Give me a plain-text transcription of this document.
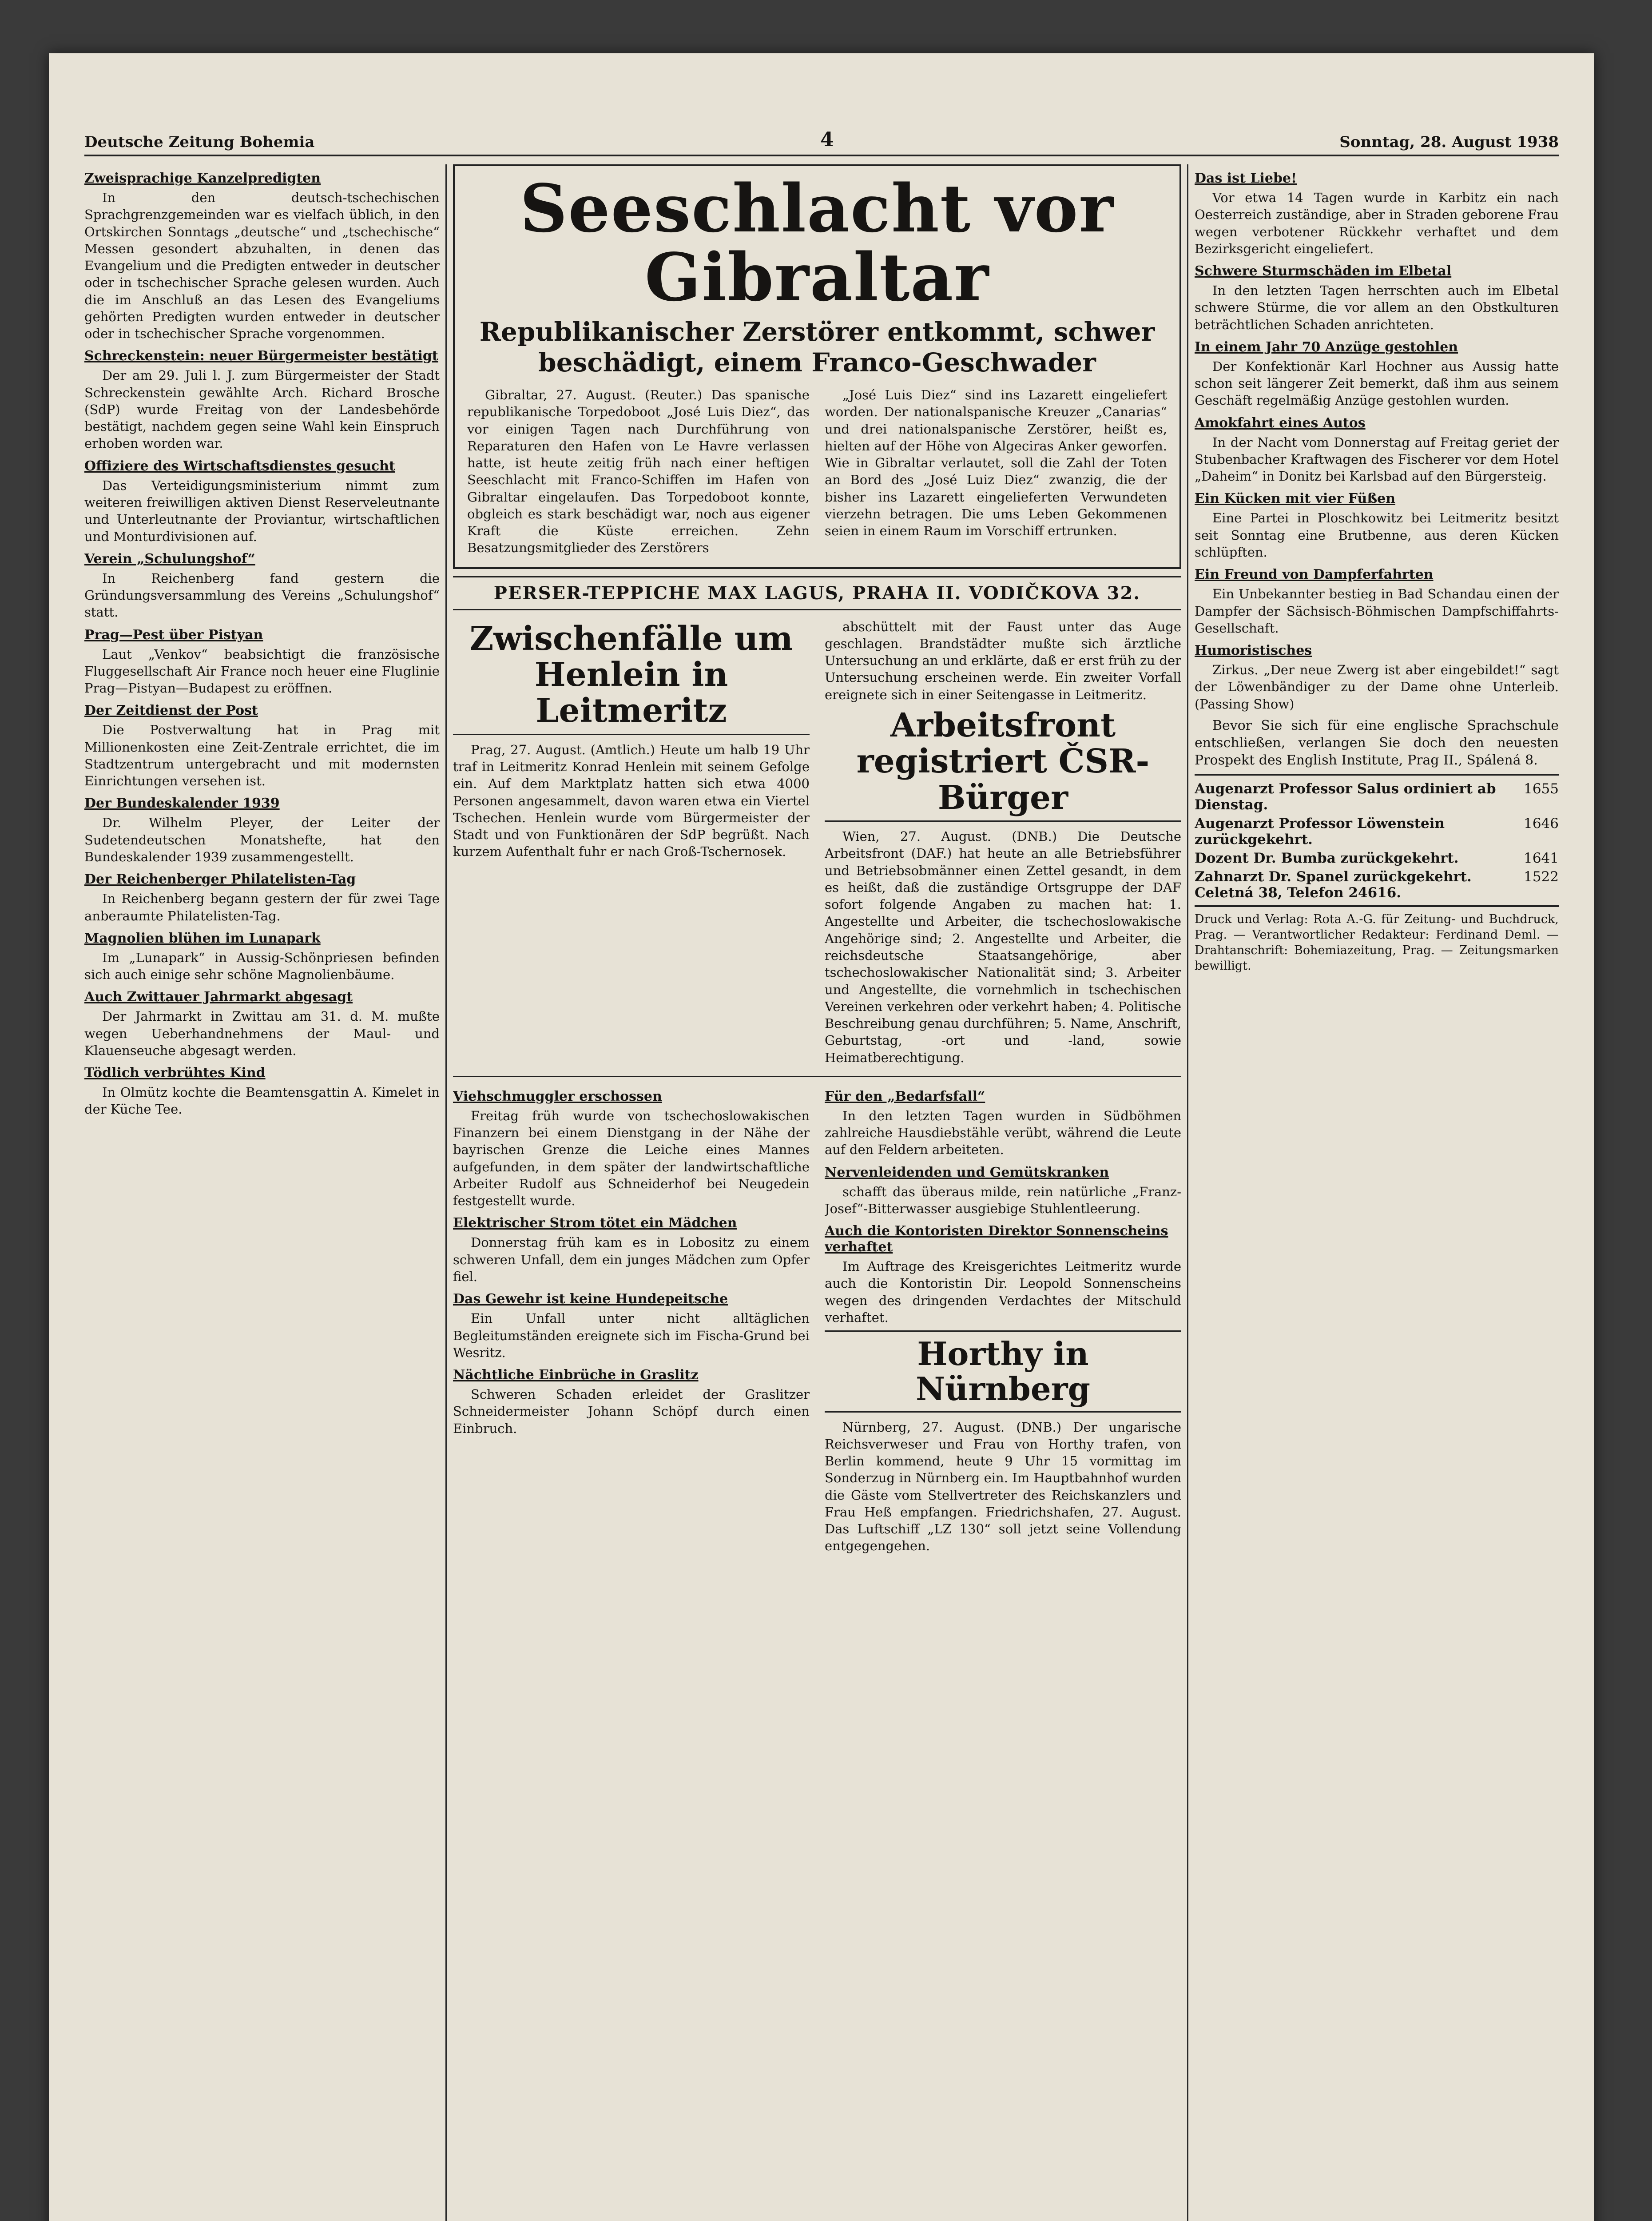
Deutsche Zeitung Bohemia	4	Sonntag, 28. August 1938
Zweisprachige Kanzelpredigten

In den deutsch-tschechischen Sprachgrenzgemeinden war es vielfach üblich, in den Ortskirchen Sonntags „deutsche“ und „tschechische“ Messen gesondert abzuhalten, in denen das Evangelium und die Predigten entweder in deutscher oder in tschechischer Sprache gelesen wurden. Auch die im Anschluß an das Lesen des Evangeliums gehörten Predigten wurden entweder in deutscher oder in tschechischer Sprache vorgenommen.

Schreckenstein: neuer Bürgermeister bestätigt

Der am 29. Juli l. J. zum Bürgermeister der Stadt Schreckenstein gewählte Arch. Richard Brosche (SdP) wurde Freitag von der Landesbehörde bestätigt, nachdem gegen seine Wahl kein Einspruch erhoben worden war.

Offiziere des Wirtschaftsdienstes gesucht

Das Verteidigungsministerium nimmt zum weiteren freiwilligen aktiven Dienst Reserveleutnante und Unterleutnante der Proviantur, wirtschaftlichen und Monturdivisionen auf.

Verein „Schulungshof“

In Reichenberg fand gestern die Gründungsversammlung des Vereins „Schulungshof“ statt.

Prag—Pest über Pistyan

Laut „Venkov“ beabsichtigt die französische Fluggesellschaft Air France noch heuer eine Fluglinie Prag—Pistyan—Budapest zu eröffnen.

Der Zeitdienst der Post

Die Postverwaltung hat in Prag mit Millionenkosten eine Zeit-Zentrale errichtet, die im Stadtzentrum untergebracht und mit modernsten Einrichtungen versehen ist.

Der Bundeskalender 1939

Dr. Wilhelm Pleyer, der Leiter der Sudetendeutschen Monatshefte, hat den Bundeskalender 1939 zusammengestellt.

Der Reichenberger Philatelisten-Tag

In Reichenberg begann gestern der für zwei Tage anberaumte Philatelisten-Tag.

Magnolien blühen im Lunapark

Im „Lunapark“ in Aussig-Schönpriesen befinden sich auch einige sehr schöne Magnolienbäume.

Auch Zwittauer Jahrmarkt abgesagt

Der Jahrmarkt in Zwittau am 31. d. M. mußte wegen Ueberhandnehmens der Maul- und Klauenseuche abgesagt werden.

Tödlich verbrühtes Kind

In Olmütz kochte die Beamtensgattin A. Kimelet in der Küche Tee.

Seeschlacht vor Gibraltar
Republikanischer Zerstörer entkommt, schwer beschädigt, einem Franco-Geschwader

Gibraltar, 27. August. (Reuter.) Das spanische republikanische Torpedoboot „José Luis Diez“, das vor einigen Tagen nach Durchführung von Reparaturen den Hafen von Le Havre verlassen hatte, ist heute zeitig früh nach einer heftigen Seeschlacht mit Franco-Schiffen im Hafen von Gibraltar eingelaufen. Das Torpedoboot konnte, obgleich es stark beschädigt war, noch aus eigener Kraft die Küste erreichen. Zehn Besatzungsmitglieder des Zerstörers

„José Luis Diez“ sind ins Lazarett eingeliefert worden. Der nationalspanische Kreuzer „Canarias“ und drei nationalspanische Zerstörer, heißt es, hielten auf der Höhe von Algeciras Anker geworfen. Wie in Gibraltar verlautet, soll die Zahl der Toten an Bord des „José Luiz Diez“ zwanzig, die der bisher ins Lazarett eingelieferten Verwundeten vierzehn betragen. Die ums Leben Gekommenen seien in einem Raum im Vorschiff ertrunken.

PERSER-TEPPICHE MAX LAGUS, PRAHA II. VODIČKOVA 32.
Zwischenfälle um Henlein in Leitmeritz

Prag, 27. August. (Amtlich.) Heute um halb 19 Uhr traf in Leitmeritz Konrad Henlein mit seinem Gefolge ein. Auf dem Marktplatz hatten sich etwa 4000 Personen angesammelt, davon waren etwa ein Viertel Tschechen. Henlein wurde vom Bürgermeister der Stadt und von Funktionären der SdP begrüßt. Nach kurzem Aufenthalt fuhr er nach Groß-Tschernosek.

abschüttelt mit der Faust unter das Auge geschlagen. Brandstädter mußte sich ärztliche Untersuchung an und erklärte, daß er erst früh zu der Untersuchung erscheinen werde. Ein zweiter Vorfall ereignete sich in einer Seitengasse in Leitmeritz.

Arbeitsfront registriert ČSR-Bürger

Wien, 27. August. (DNB.) Die Deutsche Arbeitsfront (DAF.) hat heute an alle Betriebsführer und Betriebsobmänner einen Zettel gesandt, in dem es heißt, daß die zuständige Ortsgruppe der DAF sofort folgende Angaben zu machen hat: 1. Angestellte und Arbeiter, die tschechoslowakische Angehörige sind; 2. Angestellte und Arbeiter, die reichsdeutsche Staatsangehörige, aber tschechoslowakischer Nationalität sind; 3. Arbeiter und Angestellte, die vornehmlich in tschechischen Vereinen verkehren oder verkehrt haben; 4. Politische Beschreibung genau durchführen; 5. Name, Anschrift, Geburtstag, -ort und -land, sowie Heimatberechtigung.

Viehschmuggler erschossen

Freitag früh wurde von tschechoslowakischen Finanzern bei einem Dienstgang in der Nähe der bayrischen Grenze die Leiche eines Mannes aufgefunden, in dem später der landwirtschaftliche Arbeiter Rudolf aus Schneiderhof bei Neugedein festgestellt wurde.

Elektrischer Strom tötet ein Mädchen

Donnerstag früh kam es in Lobositz zu einem schweren Unfall, dem ein junges Mädchen zum Opfer fiel.

Das Gewehr ist keine Hundepeitsche

Ein Unfall unter nicht alltäglichen Begleitumständen ereignete sich im Fischa-Grund bei Wesritz.

Nächtliche Einbrüche in Graslitz

Schweren Schaden erleidet der Graslitzer Schneidermeister Johann Schöpf durch einen Einbruch.

Für den „Bedarfsfall“

In den letzten Tagen wurden in Südböhmen zahlreiche Hausdiebstähle verübt, während die Leute auf den Feldern arbeiteten.

Nervenleidenden und Gemütskranken

schafft das überaus milde, rein natürliche „Franz-Josef“-Bitterwasser ausgiebige Stuhlentleerung.

Auch die Kontoristen Direktor Sonnenscheins verhaftet

Im Auftrage des Kreisgerichtes Leitmeritz wurde auch die Kontoristin Dir. Leopold Sonnenscheins wegen des dringenden Verdachtes der Mitschuld verhaftet.

Horthy in Nürnberg

Nürnberg, 27. August. (DNB.) Der ungarische Reichsverweser und Frau von Horthy trafen, von Berlin kommend, heute 9 Uhr 15 vormittag im Sonderzug in Nürnberg ein. Im Hauptbahnhof wurden die Gäste vom Stellvertreter des Reichskanzlers und Frau Heß empfangen. Friedrichshafen, 27. August. Das Luftschiff „LZ 130“ soll jetzt seine Vollendung entgegengehen.

Das ist Liebe!

Vor etwa 14 Tagen wurde in Karbitz ein nach Oesterreich zuständige, aber in Straden geborene Frau wegen verbotener Rückkehr verhaftet und dem Bezirksgericht eingeliefert.

Schwere Sturmschäden im Elbetal

In den letzten Tagen herrschten auch im Elbetal schwere Stürme, die vor allem an den Obstkulturen beträchtlichen Schaden anrichteten.

In einem Jahr 70 Anzüge gestohlen

Der Konfektionär Karl Hochner aus Aussig hatte schon seit längerer Zeit bemerkt, daß ihm aus seinem Geschäft regelmäßig Anzüge gestohlen wurden.

Amokfahrt eines Autos

In der Nacht vom Donnerstag auf Freitag geriet der Stubenbacher Kraftwagen des Fischerer vor dem Hotel „Daheim“ in Donitz bei Karlsbad auf den Bürgersteig.

Ein Kücken mit vier Füßen

Eine Partei in Ploschkowitz bei Leitmeritz besitzt seit Sonntag eine Brutbenne, aus deren Kücken schlüpften.

Ein Freund von Dampferfahrten

Ein Unbekannter bestieg in Bad Schandau einen der Dampfer der Sächsisch-Böhmischen Dampfschiffahrts-Gesellschaft.

Humoristisches

Zirkus. „Der neue Zwerg ist aber eingebildet!“ sagt der Löwenbändiger zu der Dame ohne Unterleib. (Passing Show)

Bevor Sie sich für eine englische Sprachschule entschließen, verlangen Sie doch den neuesten Prospekt des English Institute, Prag II., Spálená 8.

Augenarzt Professor Salus ordiniert ab Dienstag.
1655
Augenarzt Professor Löwenstein zurückgekehrt.
1646
Dozent Dr. Bumba zurückgekehrt.	1641
Zahnarzt Dr. Spanel zurückgekehrt. Celetná 38, Telefon 24616.
1522
Druck und Verlag: Rota A.-G. für Zeitung- und Buchdruck, Prag. — Verantwortlicher Redakteur: Ferdinand Deml. — Drahtanschrift: Bohemiazeitung, Prag. — Zeitungsmarken bewilligt.
